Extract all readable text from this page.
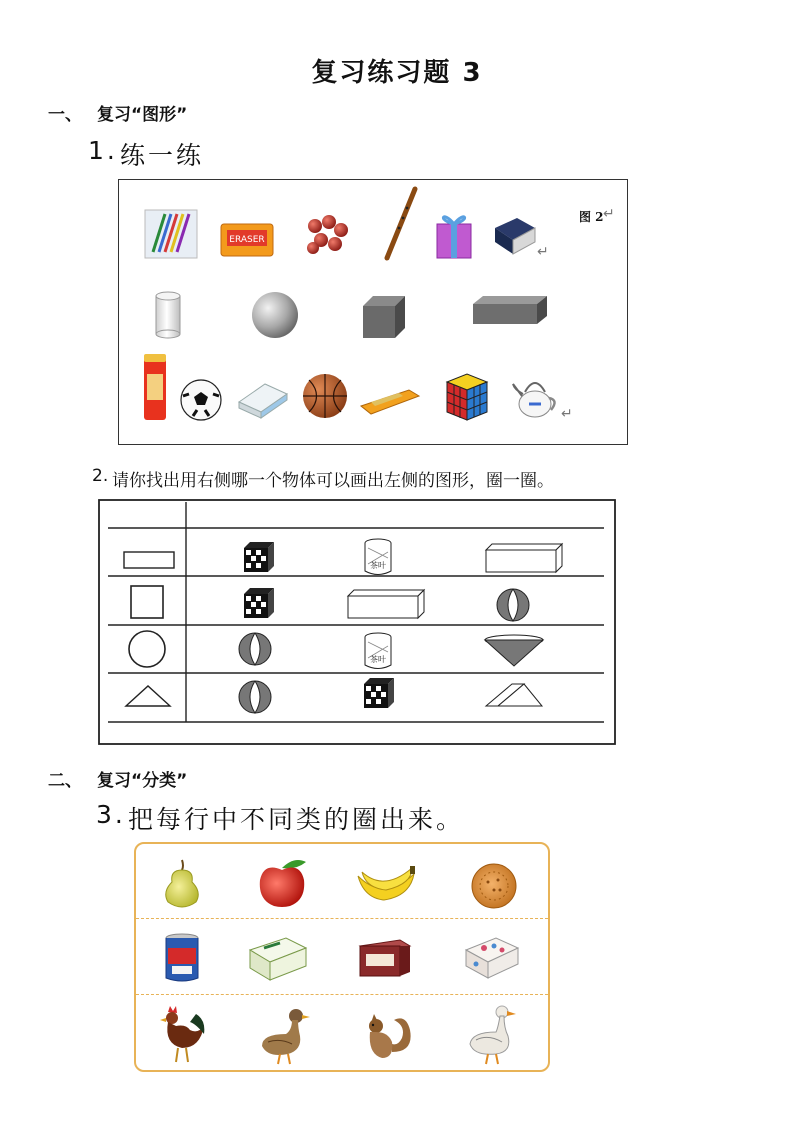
复习练习题 3
一、 复习“图形”
1. 练一练
ERASER
↵
图 2 ↵
↵
2. 请你找出用右侧哪一个物体可以画出左侧的图形，圈一圈。
茶叶
茶叶
二、 复习“分类”
3. 把每行中不同类的圈出来。
